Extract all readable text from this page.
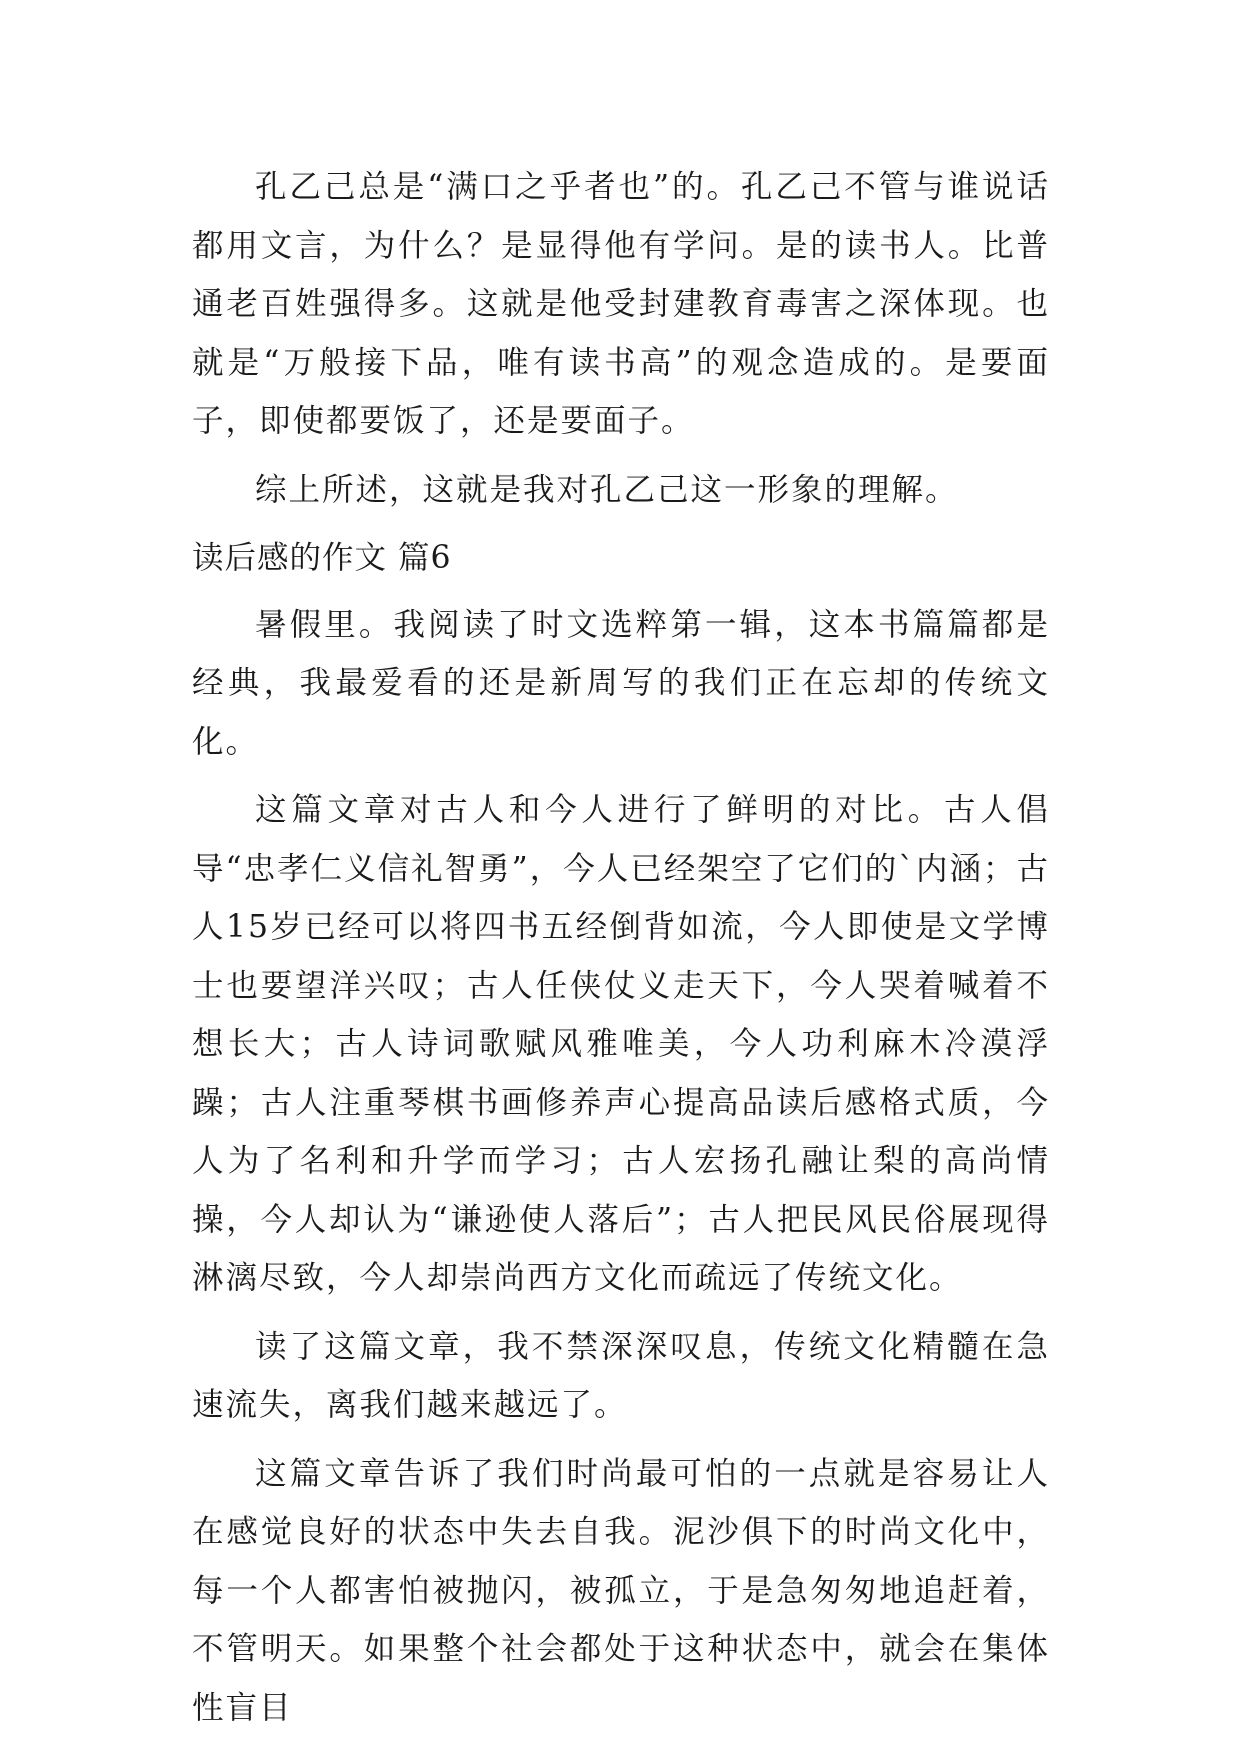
孔乙己总是“满口之乎者也”的。孔乙己不管与谁说话都用文言，为什么？是显得他有学问。是的读书人。比普通老百姓强得多。这就是他受封建教育毒害之深体现。也就是“万般接下品，唯有读书高”的观念造成的。是要面子，即使都要饭了，还是要面子。

综上所述，这就是我对孔乙己这一形象的理解。

读后感的作文 篇6

暑假里。我阅读了时文选粹第一辑，这本书篇篇都是经典，我最爱看的还是新周写的我们正在忘却的传统文化。

这篇文章对古人和今人进行了鲜明的对比。古人倡导“忠孝仁义信礼智勇”，今人已经架空了它们的`内涵；古人15岁已经可以将四书五经倒背如流，今人即使是文学博士也要望洋兴叹；古人任侠仗义走天下，今人哭着喊着不想长大；古人诗词歌赋风雅唯美，今人功利麻木冷漠浮躁；古人注重琴棋书画修养声心提高品读后感格式质，今人为了名利和升学而学习；古人宏扬孔融让梨的高尚情操，今人却认为“谦逊使人落后”；古人把民风民俗展现得淋漓尽致，今人却崇尚西方文化而疏远了传统文化。

读了这篇文章，我不禁深深叹息，传统文化精髓在急速流失，离我们越来越远了。

这篇文章告诉了我们时尚最可怕的一点就是容易让人在感觉良好的状态中失去自我。泥沙俱下的时尚文化中，每一个人都害怕被抛闪，被孤立，于是急匆匆地追赶着，不管明天。如果整个社会都处于这种状态中，就会在集体性盲目
